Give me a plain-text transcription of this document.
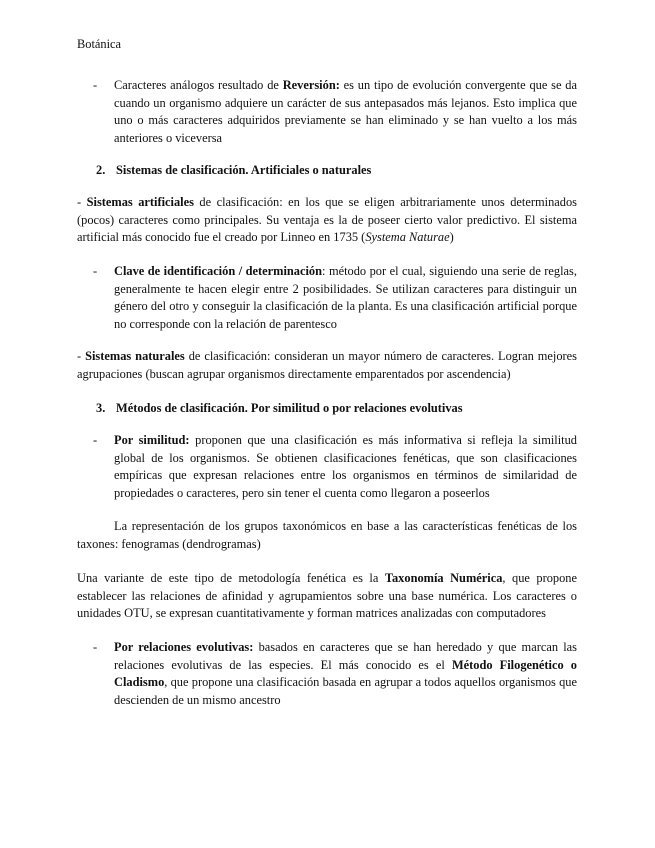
Botánica

- Caracteres análogos resultado de Reversión: es un tipo de evolución convergente que se da cuando un organismo adquiere un carácter de sus antepasados más lejanos. Esto implica que uno o más caracteres adquiridos previamente se han eliminado y se han vuelto a los más anteriores o viceversa

2. Sistemas de clasificación. Artificiales o naturales

- Sistemas artificiales de clasificación: en los que se eligen arbitrariamente unos determinados (pocos) caracteres como principales. Su ventaja es la de poseer cierto valor predictivo. El sistema artificial más conocido fue el creado por Linneo en 1735 (Systema Naturae)

- Clave de identificación / determinación: método por el cual, siguiendo una serie de reglas, generalmente te hacen elegir entre 2 posibilidades. Se utilizan caracteres para distinguir un género del otro y conseguir la clasificación de la planta. Es una clasificación artificial porque no corresponde con la relación de parentesco

- Sistemas naturales de clasificación: consideran un mayor número de caracteres. Logran mejores agrupaciones (buscan agrupar organismos directamente emparentados por ascendencia)

3. Métodos de clasificación. Por similitud o por relaciones evolutivas

- Por similitud: proponen que una clasificación es más informativa si refleja la similitud global de los organismos. Se obtienen clasificaciones fenéticas, que son clasificaciones empíricas que expresan relaciones entre los organismos en términos de similaridad de propiedades o caracteres, pero sin tener el cuenta como llegaron a poseerlos

La representación de los grupos taxonómicos en base a las características fenéticas de los taxones: fenogramas (dendrogramas)

Una variante de este tipo de metodología fenética es la Taxonomía Numérica, que propone establecer las relaciones de afinidad y agrupamientos sobre una base numérica. Los caracteres o unidades OTU, se expresan cuantitativamente y forman matrices analizadas con computadores

- Por relaciones evolutivas: basados en caracteres que se han heredado y que marcan las relaciones evolutivas de las especies. El más conocido es el Método Filogenético o Cladismo, que propone una clasificación basada en agrupar a todos aquellos organismos que descienden de un mismo ancestro
